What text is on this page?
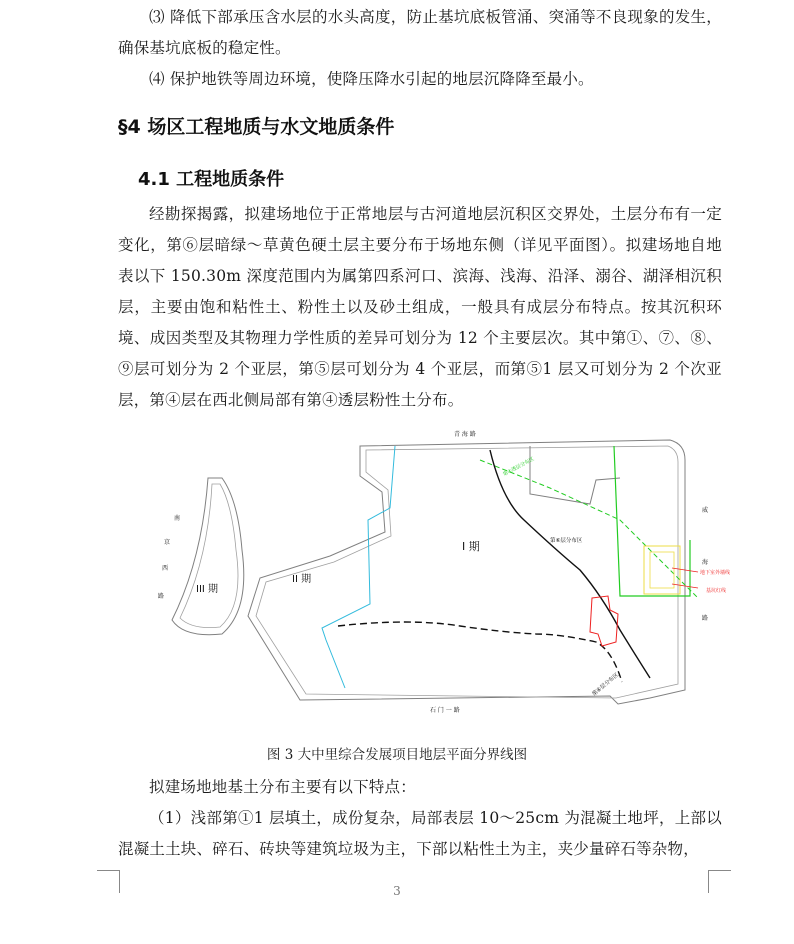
⑶ 降低下部承压含水层的水头高度，防止基坑底板管涌、突涌等不良现象的发生，确保基坑底板的稳定性。

⑷ 保护地铁等周边环境，使降压降水引起的地层沉降降至最小。

§4 场区工程地质与水文地质条件
4.1 工程地质条件

经勘探揭露，拟建场地位于正常地层与古河道地层沉积区交界处，土层分布有一定变化，第⑥层暗绿～草黄色硬土层主要分布于场地东侧（详见平面图）。拟建场地自地表以下 150.30m 深度范围内为属第四系河口、滨海、浅海、沿泽、溺谷、湖泽相沉积层，主要由饱和粘性土、粉性土以及砂土组成，一般具有成层分布特点。按其沉积环境、成因类型及其物理力学性质的差异可划分为 12 个主要层次。其中第①、⑦、⑧、⑨层可划分为 2 个亚层，第⑤层可划分为 4 个亚层，而第⑤1 层又可划分为 2 个次亚层，第④层在西北侧局部有第④透层粉性土分布。

青 海 路
石 门 一 路
南
京
西
路
威
海
路
I 期
II 期
III 期
第⑥层分布区
第⑥层分布区
第④透层分布区
地下室外墙线
基坑红线

图 3 大中里综合发展项目地层平面分界线图

拟建场地地基土分布主要有以下特点：

（1）浅部第①1 层填土，成份复杂，局部表层 10～25cm 为混凝土地坪，上部以混凝土土块、碎石、砖块等建筑垃圾为主，下部以粘性土为主，夹少量碎石等杂物，

3
